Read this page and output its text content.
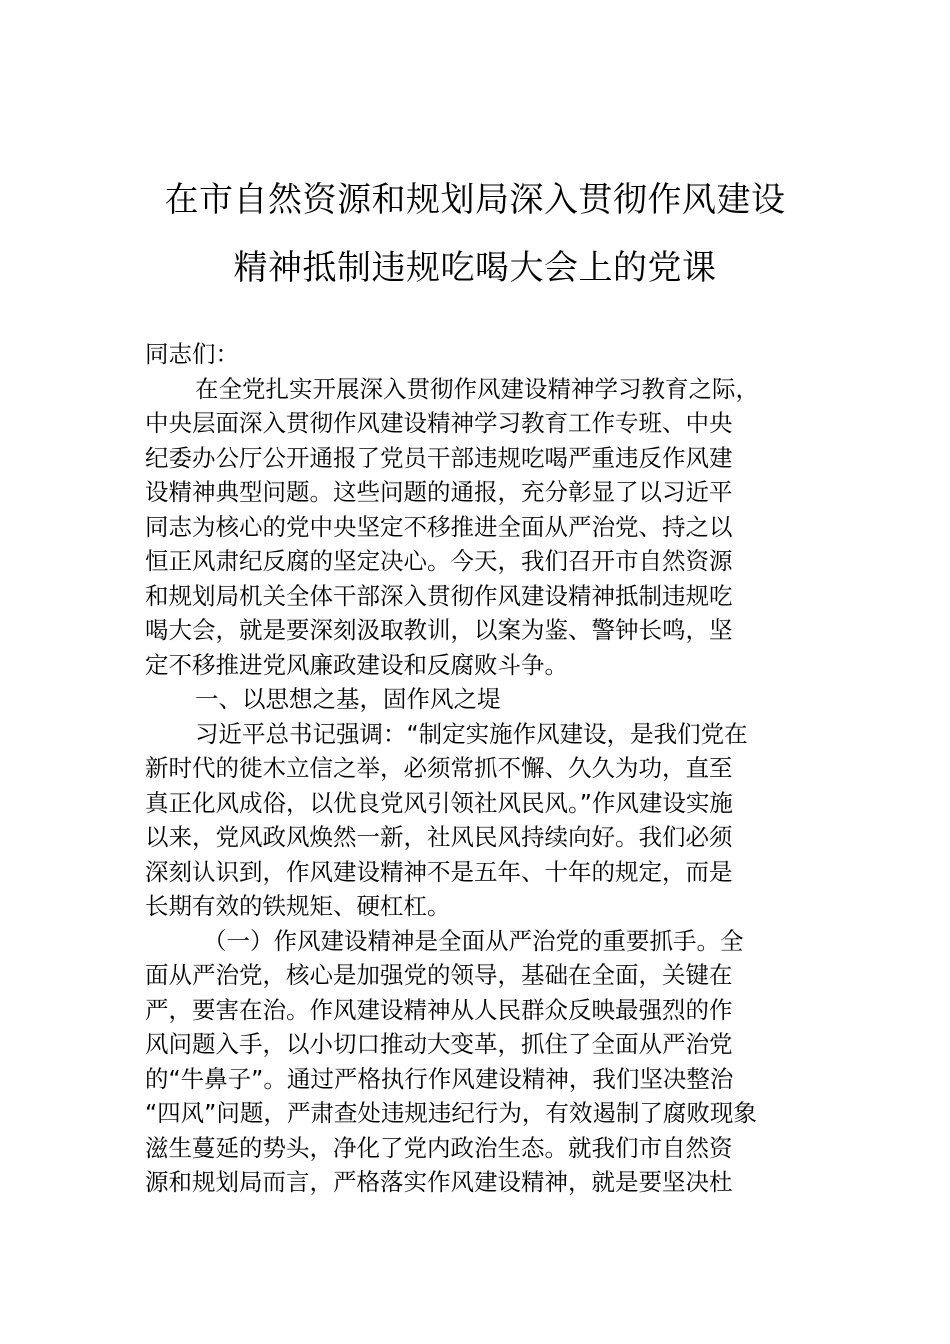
在市自然资源和规划局深入贯彻作风建设
精神抵制违规吃喝大会上的党课
同志们：
在全党扎实开展深入贯彻作风建设精神学习教育之际，
中央层面深入贯彻作风建设精神学习教育工作专班、中央
纪委办公厅公开通报了党员干部违规吃喝严重违反作风建
设精神典型问题。这些问题的通报，充分彰显了以习近平
同志为核心的党中央坚定不移推进全面从严治党、持之以
恒正风肃纪反腐的坚定决心。今天，我们召开市自然资源
和规划局机关全体干部深入贯彻作风建设精神抵制违规吃
喝大会，就是要深刻汲取教训，以案为鉴、警钟长鸣，坚
定不移推进党风廉政建设和反腐败斗争。
一、以思想之基，固作风之堤
习近平总书记强调：“制定实施作风建设，是我们党在
新时代的徙木立信之举，必须常抓不懈、久久为功，直至
真正化风成俗，以优良党风引领社风民风。”作风建设实施
以来，党风政风焕然一新，社风民风持续向好。我们必须
深刻认识到，作风建设精神不是五年、十年的规定，而是
长期有效的铁规矩、硬杠杠。
（一）作风建设精神是全面从严治党的重要抓手。全
面从严治党，核心是加强党的领导，基础在全面，关键在
严，要害在治。作风建设精神从人民群众反映最强烈的作
风问题入手，以小切口推动大变革，抓住了全面从严治党
的“牛鼻子”。通过严格执行作风建设精神，我们坚决整治
“四风”问题，严肃查处违规违纪行为，有效遏制了腐败现象
滋生蔓延的势头，净化了党内政治生态。就我们市自然资
源和规划局而言，严格落实作风建设精神，就是要坚决杜
